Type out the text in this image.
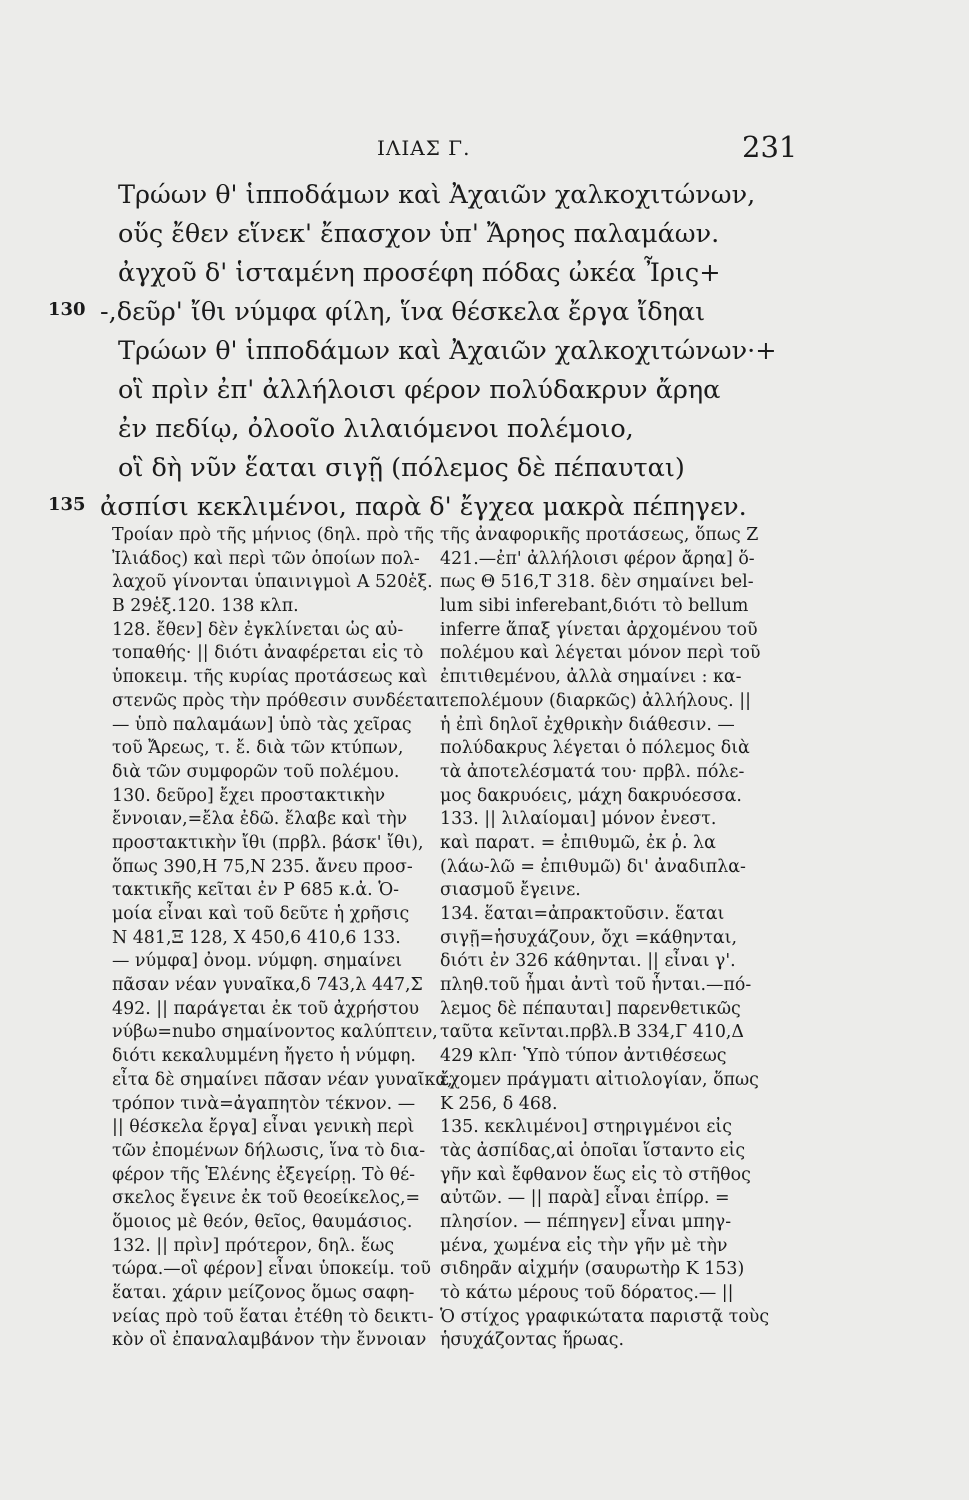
ΙΛΙΑΣ Γ.	231
Τρώων θ' ἱπποδάμων καὶ Ἀχαιῶν χαλκοχιτώνων,
οὕς ἔθεν εἵνεκ' ἔπασχον ὑπ' Ἄρηος παλαμάων.
ἀγχοῦ δ' ἱσταμένη προσέφη πόδας ὠκέα Ἶρις+
130 -,δεῦρ' ἴθι νύμφα φίλη, ἵνα θέσκελα ἔργα ἴδηαι
Τρώων θ' ἱπποδάμων καὶ Ἀχαιῶν χαλκοχιτώνων·+
οἳ πρὶν ἐπ' ἀλλήλοισι φέρον πολύδακρυν ἄρηα
ἐν πεδίῳ, ὀλοοῖο λιλαιόμενοι πολέμοιο,
οἳ δὴ νῦν ἕαται σιγῇ (πόλεμος δὲ πέπαυται)
135 ἀσπίσι κεκλιμένοι, παρὰ δ' ἔγχεα μακρὰ πέπηγεν.
Τροίαν πρὸ τῆς μήνιος (δηλ. πρὸ τῆς
Ἰλιάδος) καὶ περὶ τῶν ὁποίων πολ-
λαχοῦ γίνονται ὑπαινιγμοὶ Α 520ἑξ.
Β 29ἑξ.120. 138 κλπ.
128. ἔθεν] δὲν ἐγκλίνεται ὡς αὐ-
τοπαθής· || διότι ἀναφέρεται εἰς τὸ
ὑποκειμ. τῆς κυρίας προτάσεως καὶ
στενῶς πρὸς τὴν πρόθεσιν συνδέεται.
— ὑπὸ παλαμάων] ὑπὸ τὰς χεῖρας
τοῦ Ἄρεως, τ. ἔ. διὰ τῶν κτύπων,
διὰ τῶν συμφορῶν τοῦ πολέμου.
130. δεῦρο] ἔχει προστακτικὴν
ἔννοιαν,=ἔλα ἐδῶ. ἔλαβε καὶ τὴν
προστακτικὴν ἴθι (πρβλ. βάσκ' ἴθι),
ὅπως 390,Η 75,Ν 235. ἄνευ προσ-
τακτικῆς κεῖται ἐν Ρ 685 κ.ἀ. Ὁ-
μοία εἶναι καὶ τοῦ δεῦτε ἡ χρῆσις
Ν 481,Ξ 128, Χ 450,6 410,6 133.
— νύμφα] ὀνομ. νύμφη. σημαίνει
πᾶσαν νέαν γυναῖκα,δ 743,λ 447,Σ
492. || παράγεται ἐκ τοῦ ἀχρήστου
νύβω=nubo σημαίνοντος καλύπτειν,
διότι κεκαλυμμένη ἤγετο ἡ νύμφη.
εἶτα δὲ σημαίνει πᾶσαν νέαν γυναῖκα,
τρόπον τινὰ=ἀγαπητὸν τέκνον. —
|| θέσκελα ἔργα] εἶναι γενικὴ περὶ
τῶν ἐπομένων δήλωσις, ἵνα τὸ δια-
φέρον τῆς Ἑλένης ἐξεγείρῃ. Τὸ θέ-
σκελος ἔγεινε ἐκ τοῦ θεοείκελος,=
ὅμοιος μὲ θεόν, θεῖος, θαυμάσιος.
132. || πρὶν] πρότερον, δηλ. ἕως
τώρα.—οἳ φέρον] εἶναι ὑποκείμ. τοῦ
ἕαται. χάριν μείζονος ὅμως σαφη-
νείας πρὸ τοῦ ἕαται ἐτέθη τὸ δεικτι-
κὸν οἳ ἐπαναλαμβάνον τὴν ἔννοιαν
τῆς ἀναφορικῆς προτάσεως, ὅπως Ζ
421.—ἐπ' ἀλλήλοισι φέρον ἄρηα] ὅ-
πως Θ 516,Τ 318. δὲν σημαίνει bel-
lum sibi inferebant,διότι τὸ bellum
inferre ἅπαξ γίνεται ἀρχομένου τοῦ
πολέμου καὶ λέγεται μόνον περὶ τοῦ
ἐπιτιθεμένου, ἀλλὰ σημαίνει : κα-
τεπολέμουν (διαρκῶς) ἀλλήλους. ||
ἡ ἐπὶ δηλοῖ ἐχθρικὴν διάθεσιν. —
πολύδακρυς λέγεται ὁ πόλεμος διὰ
τὰ ἀποτελέσματά του· πρβλ. πόλε-
μος δακρυόεις, μάχη δακρυόεσσα.
133. || λιλαίομαι] μόνον ἐνεστ.
καὶ παρατ. = ἐπιθυμῶ, ἐκ ῥ. λα
(λάω-λῶ = ἐπιθυμῶ) δι' ἀναδιπλα-
σιασμοῦ ἔγεινε.
134. ἕαται=ἀπρακτοῦσιν. ἕαται
σιγῇ=ἡσυχάζουν, ὄχι =κάθηνται,
διότι ἐν 326 κάθηνται. || εἶναι γ'.
πληθ.τοῦ ἧμαι ἀντὶ τοῦ ἧνται.—πό-
λεμος δὲ πέπαυται] παρενθετικῶς
ταῦτα κεῖνται.πρβλ.Β 334,Γ 410,Δ
429 κλπ· Ὑπὸ τύπον ἀντιθέσεως
ἔχομεν πράγματι αἰτιολογίαν, ὅπως
Κ 256, δ 468.
135. κεκλιμένοι] στηριγμένοι εἰς
τὰς ἀσπίδας,αἱ ὁποῖαι ἵσταντο εἰς
γῆν καὶ ἔφθανον ἕως εἰς τὸ στῆθος
αὐτῶν. — || παρὰ] εἶναι ἐπίρρ. =
πλησίον. — πέπηγεν] εἶναι μπηγ-
μένα, χωμένα εἰς τὴν γῆν μὲ τὴν
σιδηρᾶν αἰχμήν (σαυρωτὴρ Κ 153)
τὸ κάτω μέρους τοῦ δόρατος.— ||
Ὁ στίχος γραφικώτατα παριστᾷ τοὺς
ἡσυχάζοντας ἥρωας.
